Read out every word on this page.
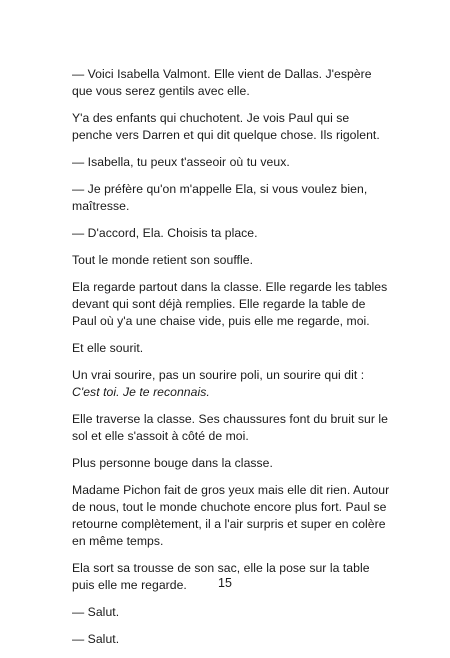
— Voici Isabella Valmont. Elle vient de Dallas. J'espère que vous serez gentils avec elle.

Y'a des enfants qui chuchotent. Je vois Paul qui se penche vers Darren et qui dit quelque chose. Ils rigolent.

— Isabella, tu peux t'asseoir où tu veux.

— Je préfère qu'on m'appelle Ela, si vous voulez bien, maîtresse.

— D'accord, Ela. Choisis ta place.

Tout le monde retient son souffle.

Ela regarde partout dans la classe. Elle regarde les tables devant qui sont déjà remplies. Elle regarde la table de Paul où y'a une chaise vide, puis elle me regarde, moi.

Et elle sourit.

Un vrai sourire, pas un sourire poli, un sourire qui dit : C'est toi. Je te reconnais.

Elle traverse la classe. Ses chaussures font du bruit sur le sol et elle s'assoit à côté de moi.

Plus personne bouge dans la classe.

Madame Pichon fait de gros yeux mais elle dit rien. Autour de nous, tout le monde chuchote encore plus fort. Paul se retourne complètement, il a l'air surpris et super en colère en même temps.

Ela sort sa trousse de son sac, elle la pose sur la table puis elle me regarde.

— Salut.

— Salut.

15
